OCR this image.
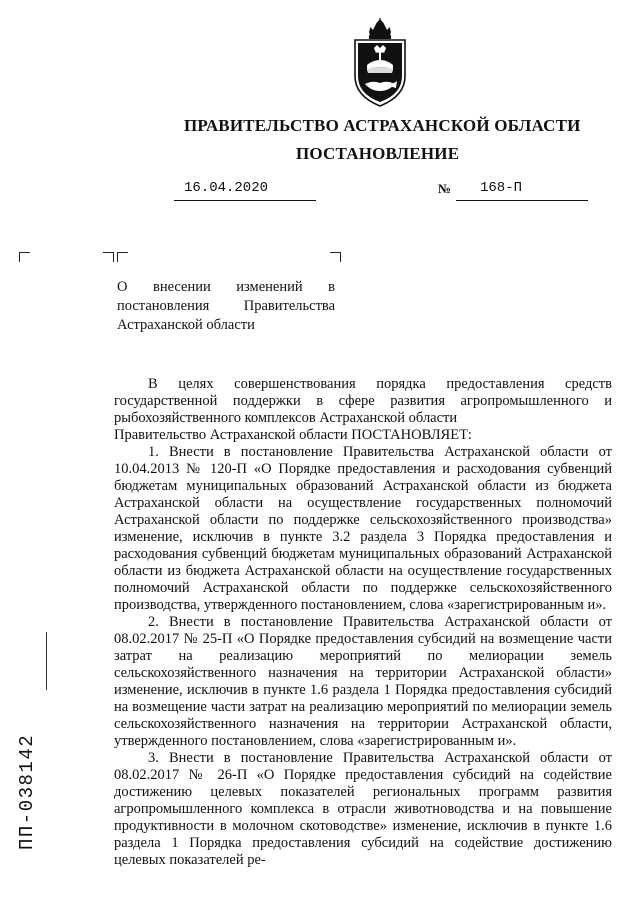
ПРАВИТЕЛЬСТВО АСТРАХАНСКОЙ ОБЛАСТИ
ПОСТАНОВЛЕНИЕ
16.04.2020	№ 168-П
О внесении изменений в постановления Правительства Астраханской области

В целях совершенствования порядка предоставления средств государственной поддержки в сфере развития агропромышленного и рыбохозяйственного комплексов Астраханской области

Правительство Астраханской области ПОСТАНОВЛЯЕТ:

1. Внести в постановление Правительства Астраханской области от 10.04.2013 № 120-П «О Порядке предоставления и расходования субвенций бюджетам муниципальных образований Астраханской области из бюджета Астраханской области на осуществление государственных полномочий Астраханской области по поддержке сельскохозяйственного производства» изменение, исключив в пункте 3.2 раздела 3 Порядка предоставления и расходования субвенций бюджетам муниципальных образований Астраханской области из бюджета Астраханской области на осуществление государственных полномочий Астраханской области по поддержке сельскохозяйственного производства, утвержденного постановлением, слова «зарегистрированным и».

2. Внести в постановление Правительства Астраханской области от 08.02.2017 № 25-П «О Порядке предоставления субсидий на возмещение части затрат на реализацию мероприятий по мелиорации земель сельскохозяйственного назначения на территории Астраханской области» изменение, исключив в пункте 1.6 раздела 1 Порядка предоставления субсидий на возмещение части затрат на реализацию мероприятий по мелиорации земель сельскохозяйственного назначения на территории Астраханской области, утвержденного постановлением, слова «зарегистрированным и».

3. Внести в постановление Правительства Астраханской области от 08.02.2017 № 26-П «О Порядке предоставления субсидий на содействие достижению целевых показателей региональных программ развития агропромышленного комплекса в отрасли животноводства и на повышение продуктивности в молочном скотоводстве» изменение, исключив в пункте 1.6 раздела 1 Порядка предоставления субсидий на содействие достижению целевых показателей ре-

ПП-038142
